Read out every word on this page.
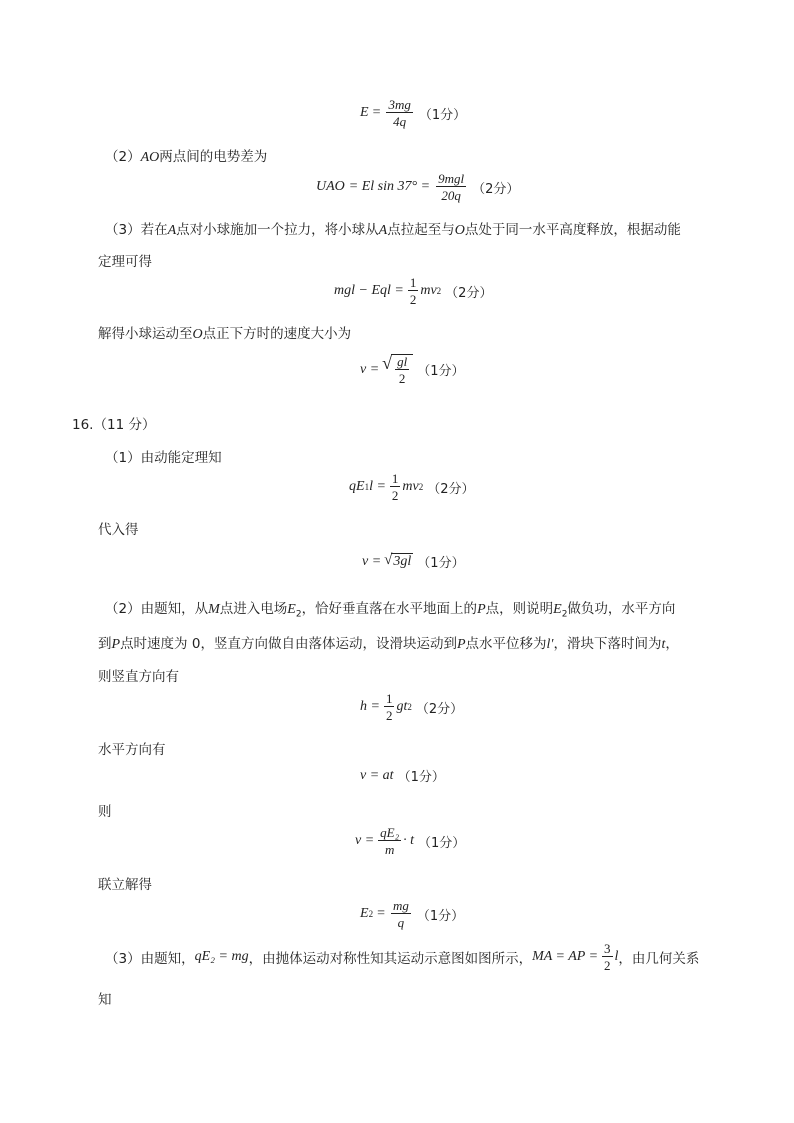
$E = \frac{3mg}{4q} (1$分）
（2）AO两点间的电势差为
U AO = El $\sin 37^\circ = \frac{\text{9mgl}}{20q} (2$分）
（3）若在A点对小球施加一个拉力，将小球从A点拉起至与O点处于同一水平高度释放，根据动能
定理可得
mgl − Eql = $\frac{1}{2}$ mv 2 （2分）
解得小球运动至O点正下方时的速度大小为
v = √ $\frac{gl}{2} (1$分）
16.（11 分）
（1）由动能定理知
qE 1 $l = \frac{1}{2}$ mv 2 （2分）
代入得
v = √ 3gl （1分）
（2）由题知，从M点进入电场$E_2$，恰好垂直落在水平地面上的P点，则说明$E_2$做负功，水平方向
到P点时速度为 0，竖直方向做自由落体运动，设滑块运动到P点水平位移为l′，滑块下落时间为t，
则竖直方向有
$h = \frac{1}{2}$ gt 2 （2分）
水平方向有
v = at （1分）
则
$v = \frac{\text{qE₂}}{m} \cdot t$ （1分）
联立解得
E $2 = \frac{mg}{q} (1$分）
（3）由题知， qE₂ = mg ，由抛体运动对称性知其运动示意图如图所示， MA = AP = $\frac{3}{2}$ l ，由几何关系
知
